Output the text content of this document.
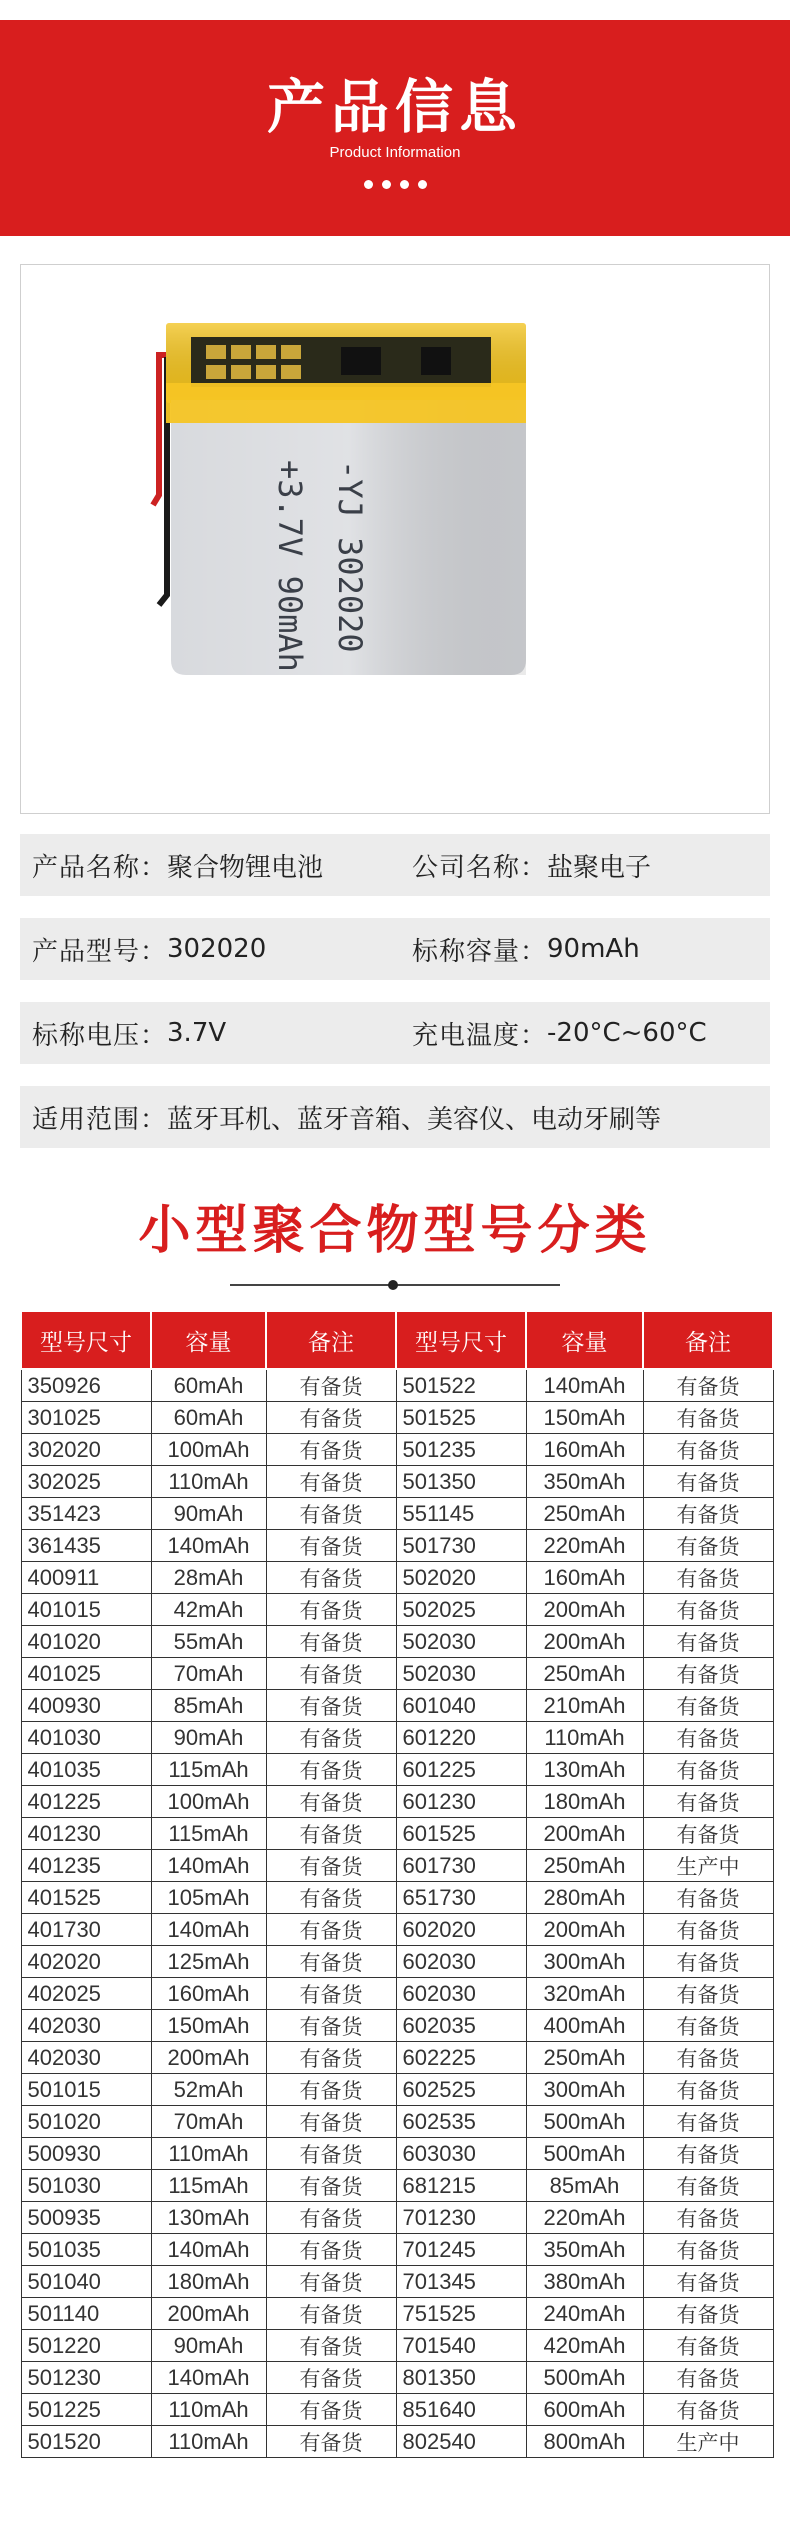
产品信息
Product Information
+3.7V 90mAh -YJ 302020
产品名称： 聚合物锂电池	公司名称： 盐聚电子
产品型号： 302020	标称容量： 90mAh
标称电压： 3.7V	充电温度： -20°C~60°C
适用范围： 蓝牙耳机、蓝牙音箱、美容仪、电动牙刷等
小型聚合物型号分类
型号尺寸	容量	备注	型号尺寸	容量	备注
350926	60mAh	有备货	501522	140mAh	有备货
301025	60mAh	有备货	501525	150mAh	有备货
302020	100mAh	有备货	501235	160mAh	有备货
302025	110mAh	有备货	501350	350mAh	有备货
351423	90mAh	有备货	551145	250mAh	有备货
361435	140mAh	有备货	501730	220mAh	有备货
400911	28mAh	有备货	502020	160mAh	有备货
401015	42mAh	有备货	502025	200mAh	有备货
401020	55mAh	有备货	502030	200mAh	有备货
401025	70mAh	有备货	502030	250mAh	有备货
400930	85mAh	有备货	601040	210mAh	有备货
401030	90mAh	有备货	601220	110mAh	有备货
401035	115mAh	有备货	601225	130mAh	有备货
401225	100mAh	有备货	601230	180mAh	有备货
401230	115mAh	有备货	601525	200mAh	有备货
401235	140mAh	有备货	601730	250mAh	生产中
401525	105mAh	有备货	651730	280mAh	有备货
401730	140mAh	有备货	602020	200mAh	有备货
402020	125mAh	有备货	602030	300mAh	有备货
402025	160mAh	有备货	602030	320mAh	有备货
402030	150mAh	有备货	602035	400mAh	有备货
402030	200mAh	有备货	602225	250mAh	有备货
501015	52mAh	有备货	602525	300mAh	有备货
501020	70mAh	有备货	602535	500mAh	有备货
500930	110mAh	有备货	603030	500mAh	有备货
501030	115mAh	有备货	681215	85mAh	有备货
500935	130mAh	有备货	701230	220mAh	有备货
501035	140mAh	有备货	701245	350mAh	有备货
501040	180mAh	有备货	701345	380mAh	有备货
501140	200mAh	有备货	751525	240mAh	有备货
501220	90mAh	有备货	701540	420mAh	有备货
501230	140mAh	有备货	801350	500mAh	有备货
501225	110mAh	有备货	851640	600mAh	有备货
501520	110mAh	有备货	802540	800mAh	生产中
